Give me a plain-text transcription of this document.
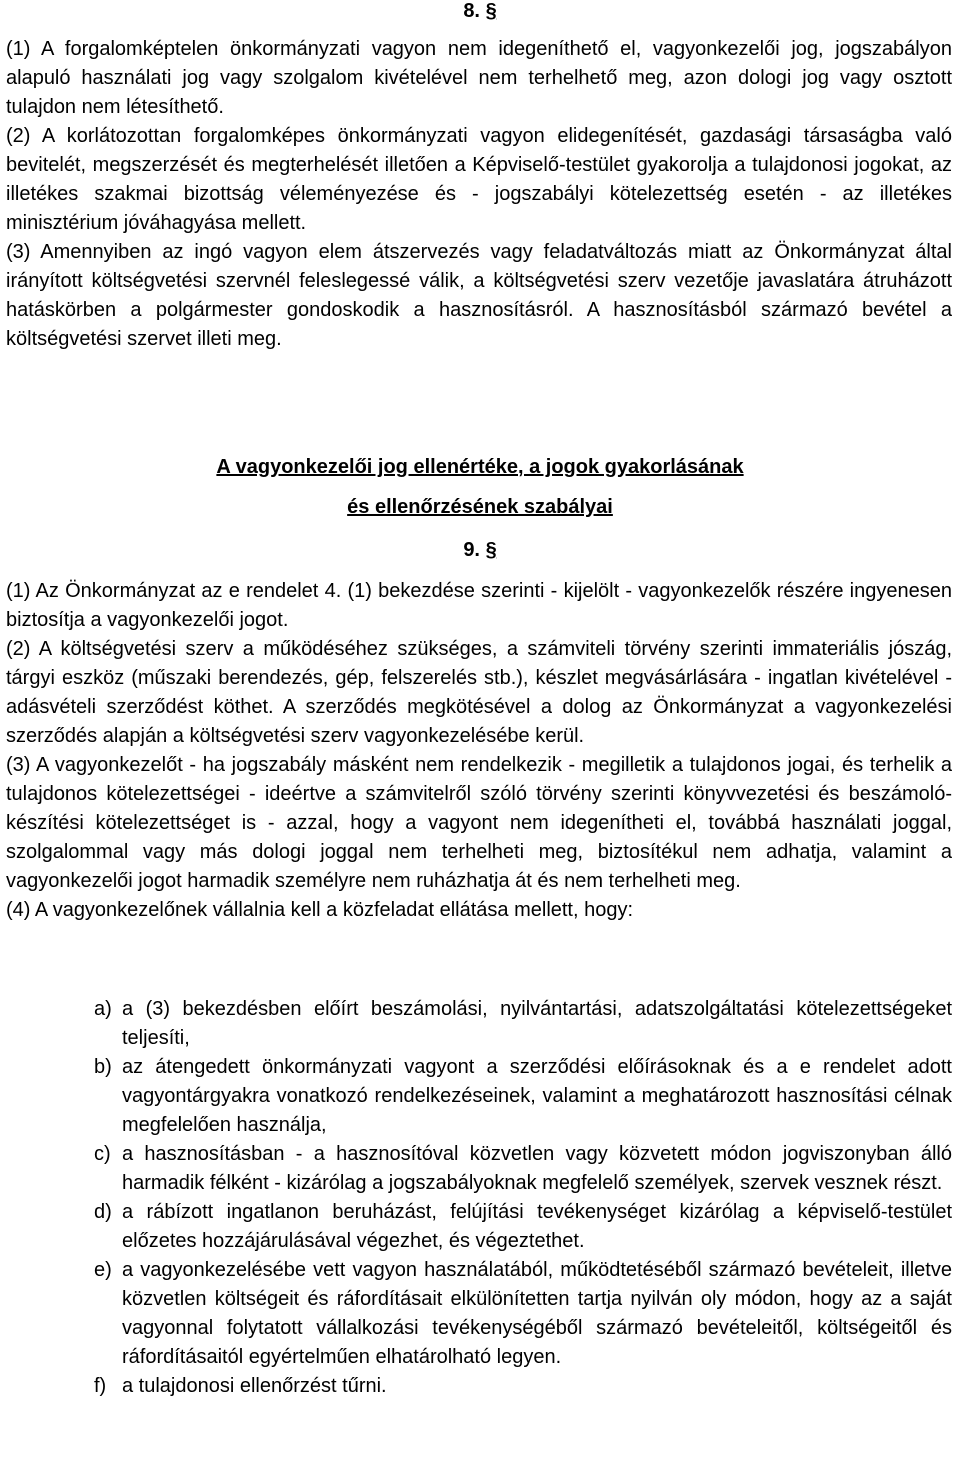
8. §

(1) A forgalomképtelen önkormányzati vagyon nem idegeníthető el, vagyonkezelői jog, jogszabályon alapuló használati jog vagy szolgalom kivételével nem terhelhető meg, azon dologi jog vagy osztott tulajdon nem létesíthető.

(2) A korlátozottan forgalomképes önkormányzati vagyon elidegenítését, gazdasági társaságba való bevitelét, megszerzését és megterhelését illetően a Képviselő-testület gyakorolja a tulajdonosi jogokat, az illetékes szakmai bizottság véleményezése és - jogszabályi kötelezettség esetén - az illetékes minisztérium jóváhagyása mellett.

(3) Amennyiben az ingó vagyon elem átszervezés vagy feladatváltozás miatt az Önkormányzat által irányított költségvetési szervnél feleslegessé válik, a költségvetési szerv vezetője javaslatára átruházott hatáskörben a polgármester gondoskodik a hasznosításról. A hasznosításból származó bevétel a költségvetési szervet illeti meg.

A vagyonkezelői jog ellenértéke, a jogok gyakorlásának
és ellenőrzésének szabályai
9. §

(1) Az Önkormányzat az e rendelet 4. (1) bekezdése szerinti - kijelölt - vagyonkezelők részére ingyenesen biztosítja a vagyonkezelői jogot.

(2) A költségvetési szerv a működéséhez szükséges, a számviteli törvény szerinti immateriális jószág, tárgyi eszköz (műszaki berendezés, gép, felszerelés stb.), készlet megvásárlására - ingatlan kivételével - adásvételi szerződést köthet. A szerződés megkötésével a dolog az Önkormányzat a vagyonkezelési szerződés alapján a költségvetési szerv vagyonkezelésébe kerül.

(3) A vagyonkezelőt - ha jogszabály másként nem rendelkezik - megilletik a tulajdonos jogai, és terhelik a tulajdonos kötelezettségei - ideértve a számvitelről szóló törvény szerinti könyvvezetési és beszámoló-készítési kötelezettséget is - azzal, hogy a vagyont nem idegenítheti el, továbbá használati joggal, szolgalommal vagy más dologi joggal nem terhelheti meg, biztosítékul nem adhatja, valamint a vagyonkezelői jogot harmadik személyre nem ruházhatja át és nem terhelheti meg.

(4) A vagyonkezelőnek vállalnia kell a közfeladat ellátása mellett, hogy:

a) a (3) bekezdésben előírt beszámolási, nyilvántartási, adatszolgáltatási kötelezettségeket teljesíti,
b) az átengedett önkormányzati vagyont a szerződési előírásoknak és a e rendelet adott vagyontárgyakra vonatkozó rendelkezéseinek, valamint a meghatározott hasznosítási célnak megfelelően használja,
c) a hasznosításban - a hasznosítóval közvetlen vagy közvetett módon jogviszonyban álló harmadik félként - kizárólag a jogszabályoknak megfelelő személyek, szervek vesznek részt.
d) a rábízott ingatlanon beruházást, felújítási tevékenységet kizárólag a képviselő-testület előzetes hozzájárulásával végezhet, és végeztethet.
e) a vagyonkezelésébe vett vagyon használatából, működtetéséből származó bevételeit, illetve közvetlen költségeit és ráfordításait elkülönítetten tartja nyilván oly módon, hogy az a saját vagyonnal folytatott vállalkozási tevékenységéből származó bevételeitől, költségeitől és ráfordításaitól egyértelműen elhatárolható legyen.
f) a tulajdonosi ellenőrzést tűrni.
